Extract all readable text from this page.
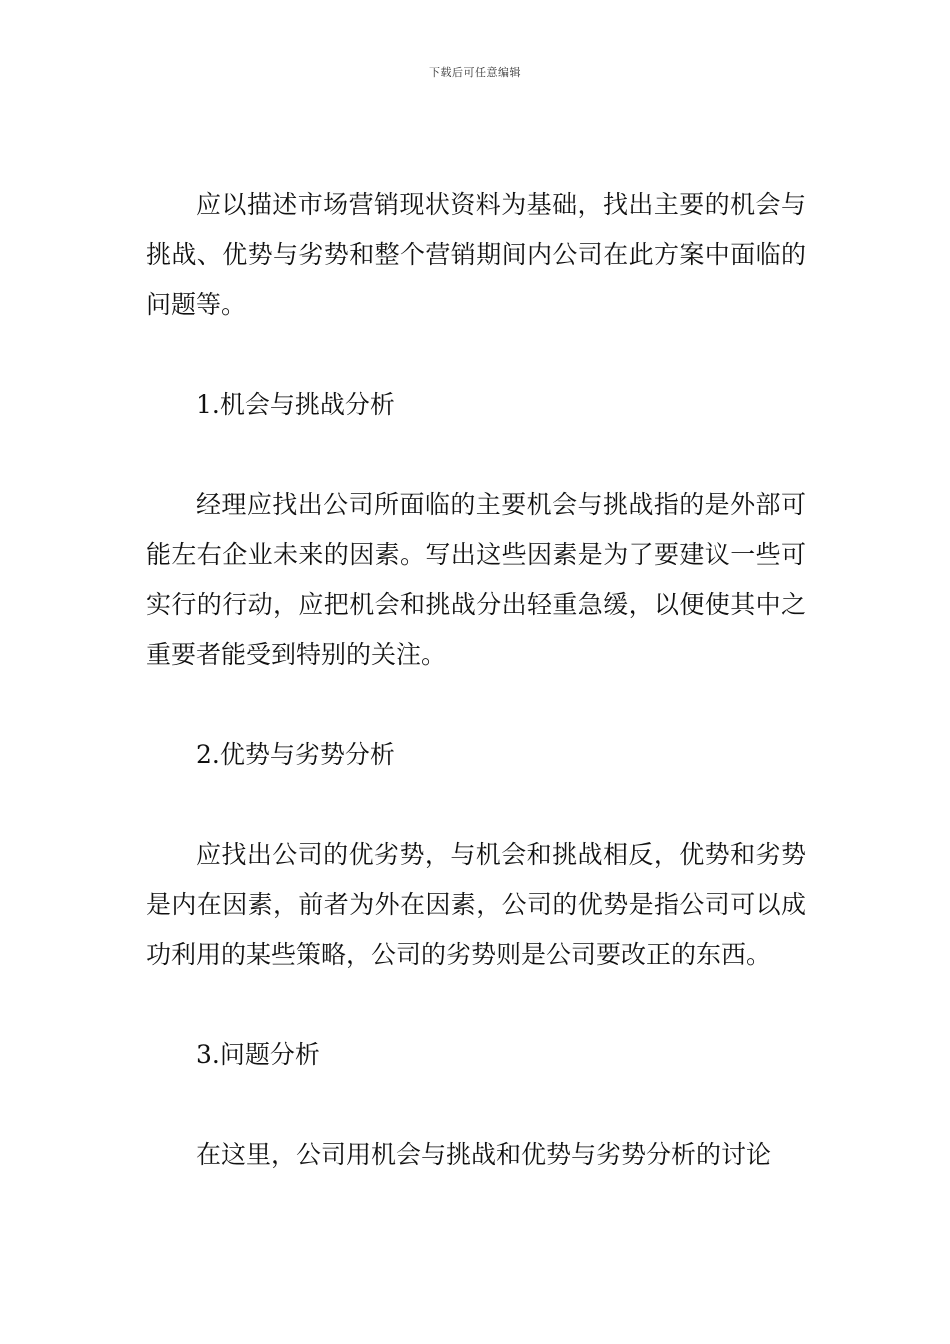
下载后可任意编辑

应以描述市场营销现状资料为基础，找出主要的机会与挑战、优势与劣势和整个营销期间内公司在此方案中面临的问题等。

1.机会与挑战分析

经理应找出公司所面临的主要机会与挑战指的是外部可能左右企业未来的因素。写出这些因素是为了要建议一些可实行的行动，应把机会和挑战分出轻重急缓，以便使其中之重要者能受到特别的关注。

2.优势与劣势分析

应找出公司的优劣势，与机会和挑战相反，优势和劣势是内在因素，前者为外在因素，公司的优势是指公司可以成功利用的某些策略，公司的劣势则是公司要改正的东西。

3.问题分析

在这里，公司用机会与挑战和优势与劣势分析的讨论
